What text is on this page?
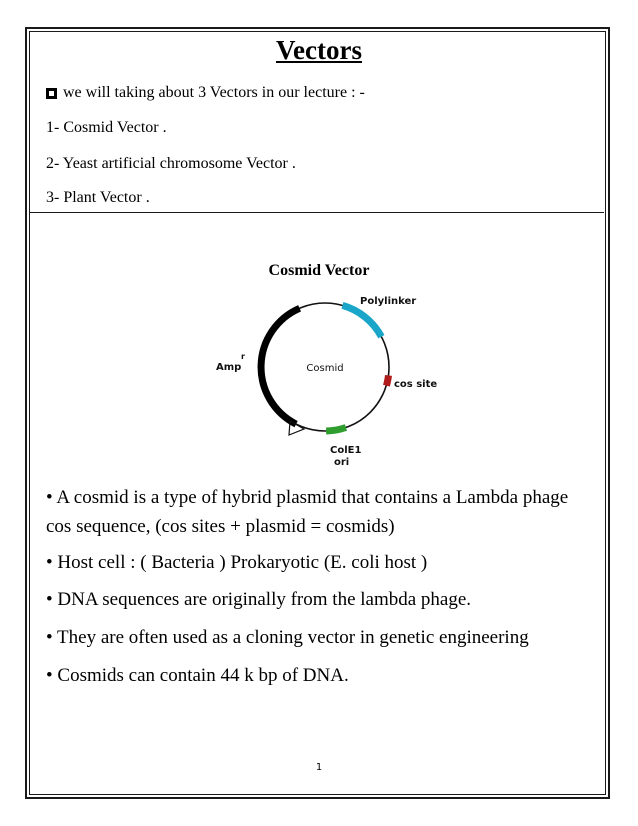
Vectors

we will taking about 3 Vectors in our lecture : -

1- Cosmid Vector .

2- Yeast artificial chromosome Vector .

3- Plant Vector .

Cosmid Vector

Cosmid
Polylinker
cos site
Amp
r
ColE1
ori

• A cosmid is a type of hybrid plasmid that contains a Lambda phage cos sequence, (cos sites + plasmid = cosmids)

• Host cell : ( Bacteria ) Prokaryotic (E. coli host )

• DNA sequences are originally from the lambda phage.

• They are often used as a cloning vector in genetic engineering

• Cosmids can contain 44 k bp of DNA.

1
